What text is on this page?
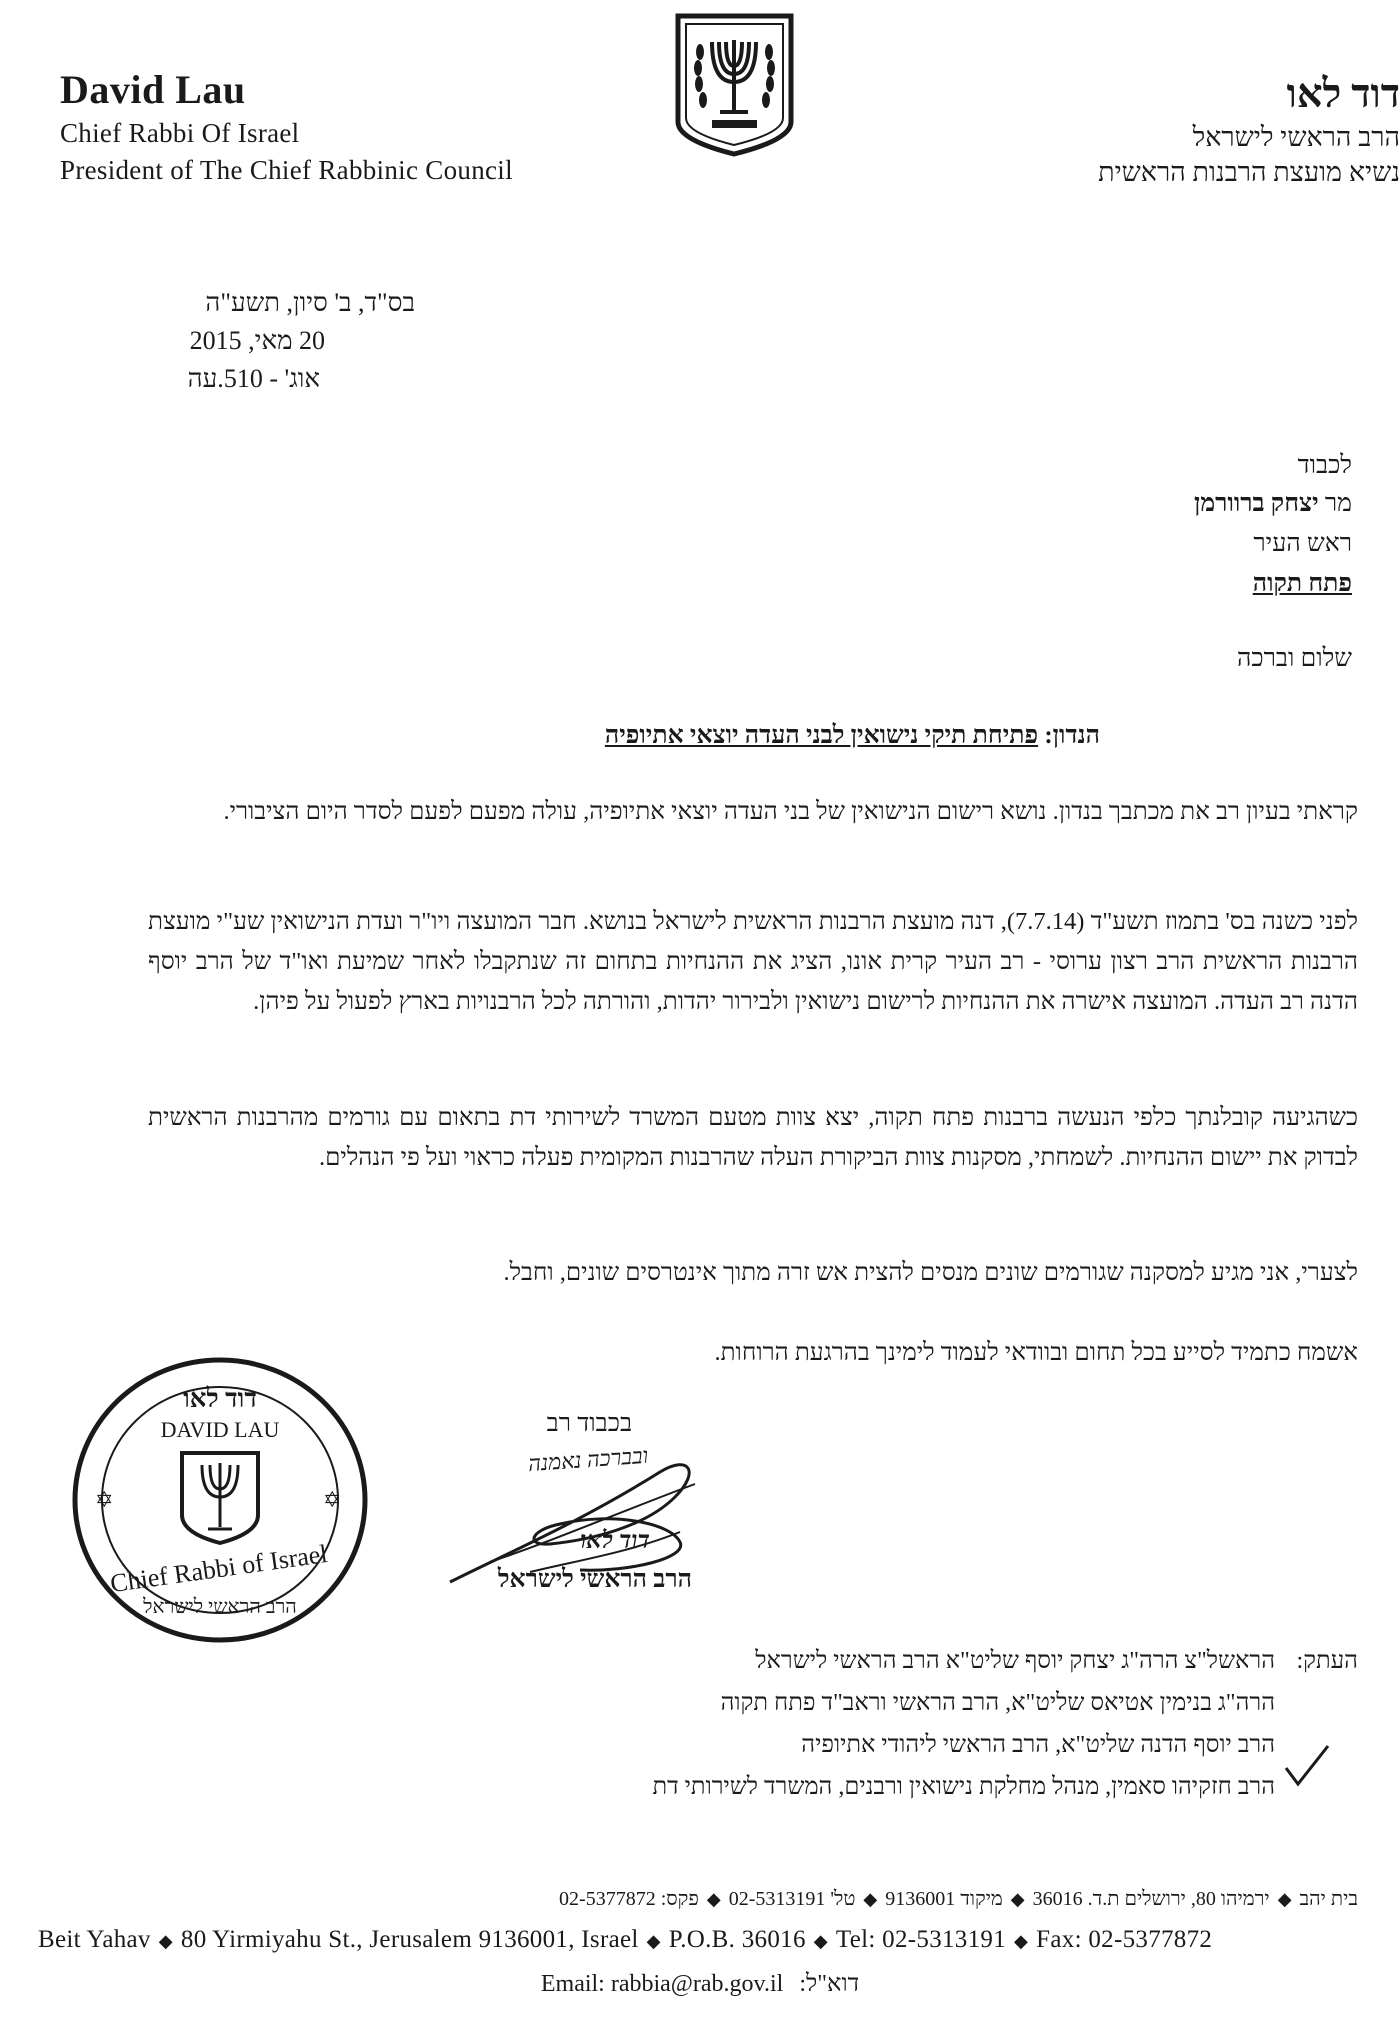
David Lau
Chief Rabbi Of Israel
President of The Chief Rabbinic Council
דוד לאו
הרב הראשי לישראל
נשיא מועצת הרבנות הראשית
בס"ד, ב' סיון, תשע"ה
20 מאי, 2015
אוג' - 510.עה
לכבוד
מר יצחק ברוורמן
ראש העיר
פתח תקוה
שלום וברכה
הנדון: פתיחת תיקי נישואין לבני העדה יוצאי אתיופיה
קראתי בעיון רב את מכתבך בנדון. נושא רישום הנישואין של בני העדה יוצאי אתיופיה, עולה מפעם לפעם לסדר היום הציבורי.
לפני כשנה בס' בתמוז תשע"ד (7.7.14), דנה מועצת הרבנות הראשית לישראל בנושא. חבר המועצה ויו"ר ועדת הנישואין שע"י מועצת הרבנות הראשית הרב רצון ערוסי - רב העיר קרית אונו, הציג את ההנחיות בתחום זה שנתקבלו לאחר שמיעת ואו"ד של הרב יוסף הדנה רב העדה. המועצה אישרה את ההנחיות לרישום נישואין ולבירור יהדות, והורתה לכל הרבנויות בארץ לפעול על פיהן.
כשהגיעה קובלנתך כלפי הנעשה ברבנות פתח תקוה, יצא צוות מטעם המשרד לשירותי דת בתאום עם גורמים מהרבנות הראשית לבדוק את יישום ההנחיות. לשמחתי, מסקנות צוות הביקורת העלה שהרבנות המקומית פעלה כראוי ועל פי הנהלים.
לצערי, אני מגיע למסקנה שגורמים שונים מנסים להצית אש זרה מתוך אינטרסים שונים, וחבל.
אשמח כתמיד לסייע בכל תחום ובוודאי לעמוד לימינך בהרגעת הרוחות.
דוד לאו
DAVID LAU
✡	✡
Chief Rabbi of Israel
הרב הראשי לישראל
בכבוד רב
ובברכה נאמנה
דוד לאו
הרב הראשי לישראל
העתק:
הראשל"צ הרה"ג יצחק יוסף שליט"א הרב הראשי לישראל
הרה"ג בנימין אטיאס שליט"א, הרב הראשי וראב"ד פתח תקוה
הרב יוסף הדנה שליט"א, הרב הראשי ליהודי אתיופיה
הרב חזקיהו סאמין, מנהל מחלקת נישואין ורבנים, המשרד לשירותי דת
בית יהב◆ירמיהו 80, ירושלים ת.ד. 36016◆מיקוד 9136001◆טל' 02-5313191◆פקס: 02-5377872
Beit Yahav ◆ 80 Yirmiyahu St., Jerusalem 9136001, Israel ◆ P.O.B. 36016 ◆ Tel: 02-5313191 ◆ Fax: 02-5377872
Email: rabbia@rab.gov.il דוא"ל:
